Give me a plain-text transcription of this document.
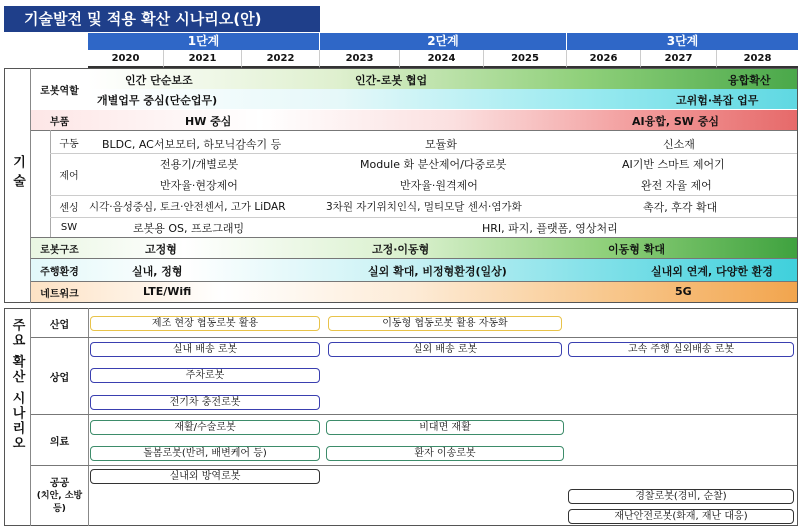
기술발전 및 적용 확산 시나리오(안)
1단계	2단계	3단계
2020	2021	2022	2023	2024	2025	2026	2027	2028
기술
로봇역할
인간 단순보조	인간-로봇 협업	융합확산
개별업무 중심(단순업무)	고위험·복잡 업무
부품	HW 중심	AI융합, SW 중심
구동	BLDC, AC서보모터, 하모닉감속기 등	모듈화	신소재
제어
전용기/개별로봇	Module 화 분산제어/다중로봇	AI기반 스마트 제어기
반자율·현장제어	반자율·원격제어	완전 자율 제어
센싱 시각·음성중심, 토크·안전센서, 고가 LiDAR	3차원 자기위치인식, 멀티모달 센서·염가화	촉각, 후각 확대
SW	로봇용 OS, 프로그래밍	HRI, 파지, 플랫폼, 영상처리
로봇구조	고정형	고정·이동형	이동형 확대
주행환경	실내, 정형	실외 확대, 비정형환경(일상)	실내외 연계, 다양한 환경
네트워크	LTE/Wifi	5G
주요 확산 시나리오	산업	제조 현장 협동로봇 활용	이동형 협동로봇 활용 자동화
상업
실내 배송 로봇	실외 배송 로봇	고속 주행 실외배송 로봇
주차로봇
전기차 충전로봇
의료
재활/수술로봇	비대면 재활
돌봄로봇(반려, 배변케어 등)	환자 이송로봇
공공
(치안, 소방 등)
실내외 방역로봇
경찰로봇(경비, 순찰)
재난안전로봇(화재, 재난 대응)
